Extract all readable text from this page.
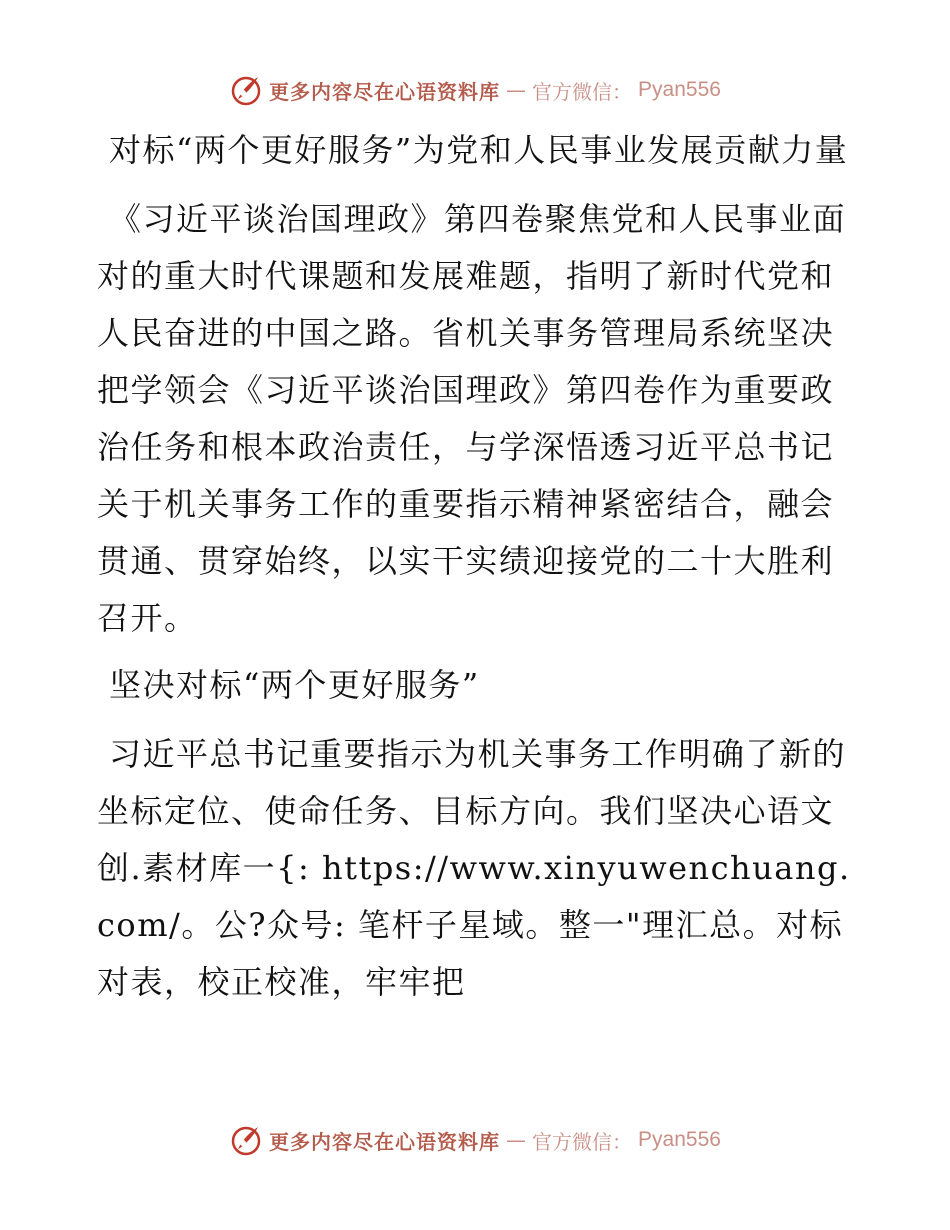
更多内容尽在心语资料库 — 官方微信： Pyan556

对标“两个更好服务”为党和人民事业发展贡献力量

《习近平谈治国理政》第四卷聚焦党和人民事业面对的重大时代课题和发展难题，指明了新时代党和人民奋进的中国之路。省机关事务管理局系统坚决把学领会《习近平谈治国理政》第四卷作为重要政治任务和根本政治责任，与学深悟透习近平总书记关于机关事务工作的重要指示精神紧密结合，融会贯通、贯穿始终，以实干实绩迎接党的二十大胜利召开。

坚决对标“两个更好服务”

习近平总书记重要指示为机关事务工作明确了新的坐标定位、使命任务、目标方向。我们坚决心语文创.素材库一{: https://www.xinyuwenchuang.com/。公?众号: 笔杆子星域。整一"理汇总。对标对表，校正校准，牢牢把

更多内容尽在心语资料库 — 官方微信： Pyan556
